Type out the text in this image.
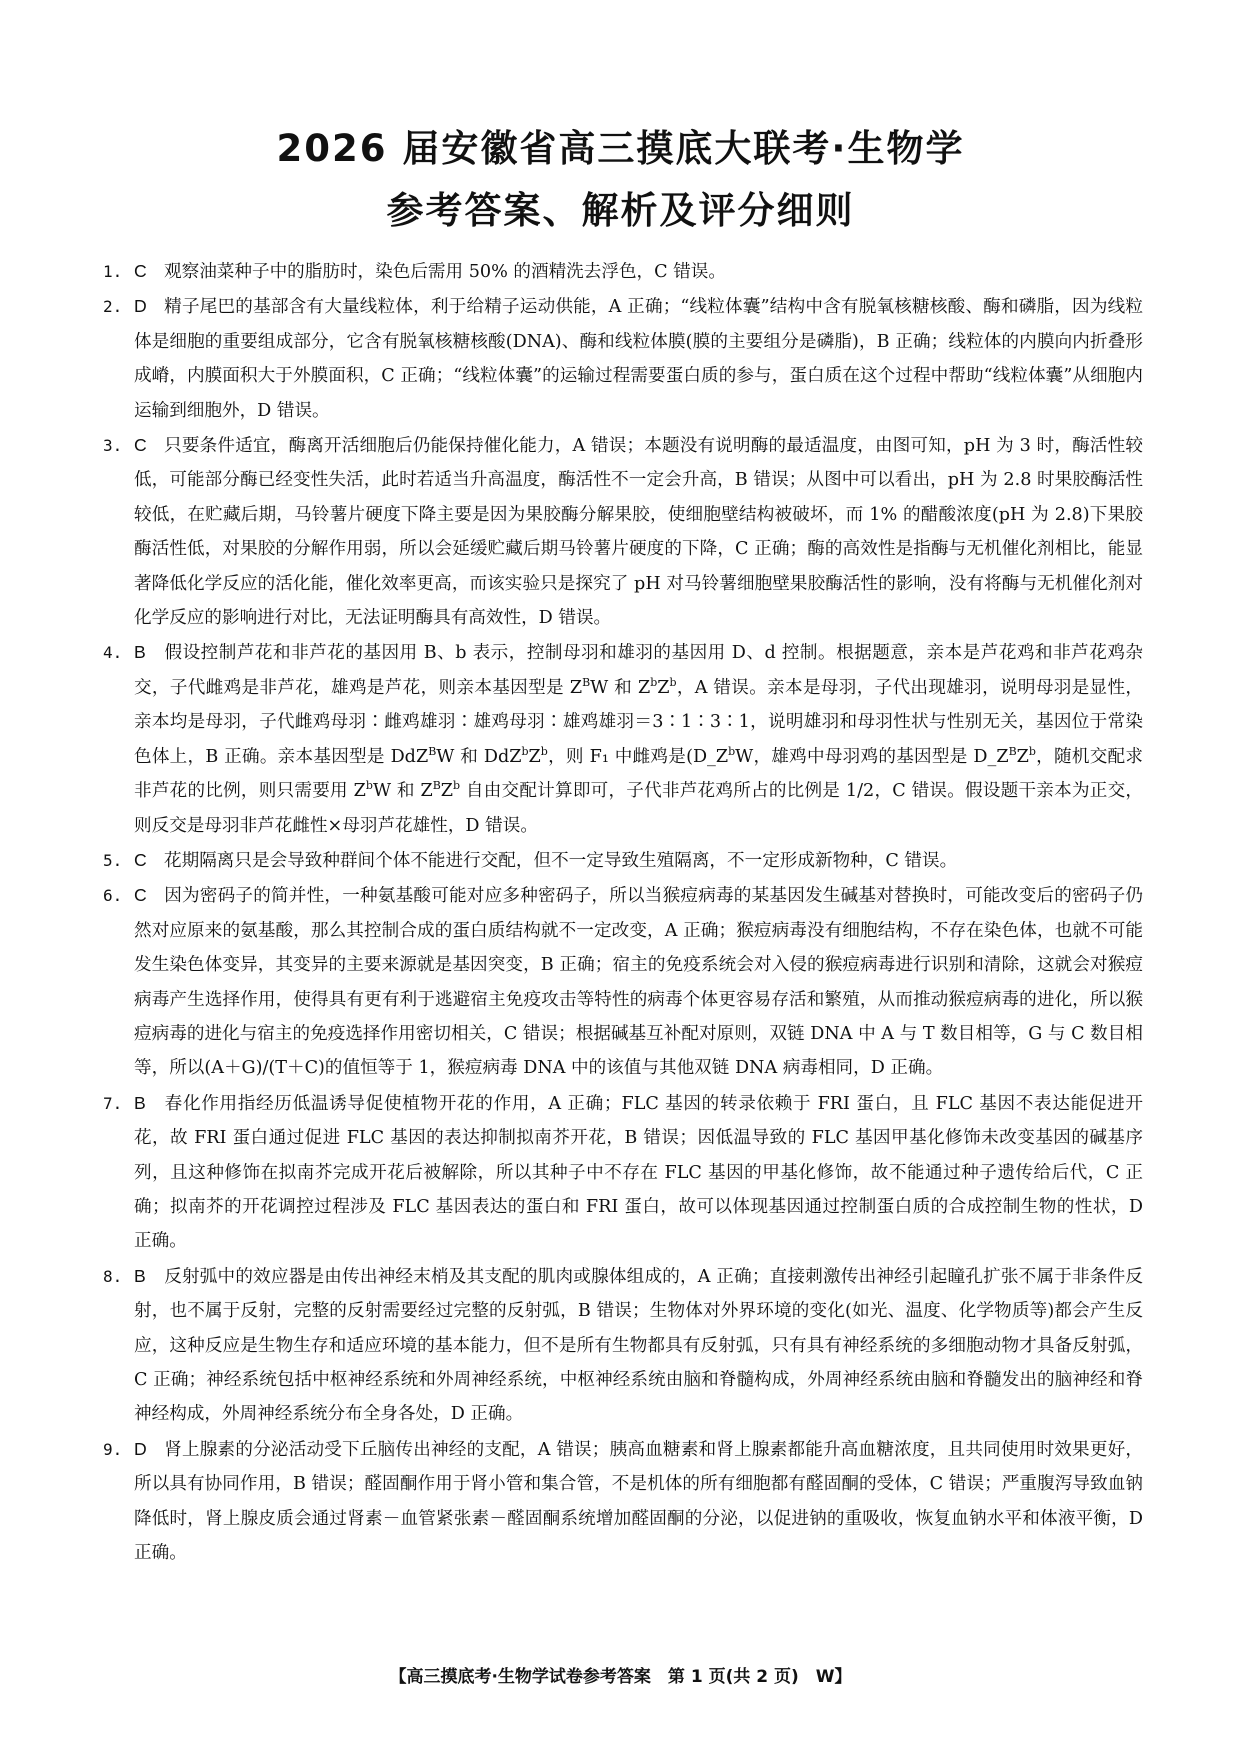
2026 届安徽省高三摸底大联考·生物学
参考答案、解析及评分细则
1. C 观察油菜种子中的脂肪时，染色后需用 50% 的酒精洗去浮色，C 错误。
2. D 精子尾巴的基部含有大量线粒体，利于给精子运动供能，A 正确；“线粒体囊”结构中含有脱氧核糖核酸、酶和磷脂，因为线粒体是细胞的重要组成部分，它含有脱氧核糖核酸(DNA)、酶和线粒体膜(膜的主要组分是磷脂)，B 正确；线粒体的内膜向内折叠形成嵴，内膜面积大于外膜面积，C 正确；“线粒体囊”的运输过程需要蛋白质的参与，蛋白质在这个过程中帮助“线粒体囊”从细胞内运输到细胞外，D 错误。
3. C 只要条件适宜，酶离开活细胞后仍能保持催化能力，A 错误；本题没有说明酶的最适温度，由图可知，pH 为 3 时，酶活性较低，可能部分酶已经变性失活，此时若适当升高温度，酶活性不一定会升高，B 错误；从图中可以看出，pH 为 2.8 时果胶酶活性较低，在贮藏后期，马铃薯片硬度下降主要是因为果胶酶分解果胶，使细胞壁结构被破坏，而 1% 的醋酸浓度(pH 为 2.8)下果胶酶活性低，对果胶的分解作用弱，所以会延缓贮藏后期马铃薯片硬度的下降，C 正确；酶的高效性是指酶与无机催化剂相比，能显著降低化学反应的活化能，催化效率更高，而该实验只是探究了 pH 对马铃薯细胞壁果胶酶活性的影响，没有将酶与无机催化剂对化学反应的影响进行对比，无法证明酶具有高效性，D 错误。
4. B 假设控制芦花和非芦花的基因用 B、b 表示，控制母羽和雄羽的基因用 D、d 控制。根据题意，亲本是芦花鸡和非芦花鸡杂交，子代雌鸡是非芦花，雄鸡是芦花，则亲本基因型是 $Z^BW$ 和 $Z^bZ^b$，A 错误。亲本是母羽，子代出现雄羽，说明母羽是显性，亲本均是母羽，子代雌鸡母羽∶雌鸡雄羽∶雄鸡母羽∶雄鸡雄羽＝3∶1∶3∶1，说明雄羽和母羽性状与性别无关，基因位于常染色体上，B 正确。亲本基因型是 DdZ$^B$W 和 $DdZ^bZ^b$，则 F₁ 中雌鸡是($D\_Z^bW$，雄鸡中母羽鸡的基因型是 $D\_Z^BZ^b$，随机交配求非芦花的比例，则只需要用 $Z^bW$ 和 $Z^BZ^b$ 自由交配计算即可，子代非芦花鸡所占的比例是 1/2，C 错误。假设题干亲本为正交，则反交是母羽非芦花雌性×母羽芦花雄性，D 错误。
5. C 花期隔离只是会导致种群间个体不能进行交配，但不一定导致生殖隔离，不一定形成新物种，C 错误。
6. C 因为密码子的简并性，一种氨基酸可能对应多种密码子，所以当猴痘病毒的某基因发生碱基对替换时，可能改变后的密码子仍然对应原来的氨基酸，那么其控制合成的蛋白质结构就不一定改变，A 正确；猴痘病毒没有细胞结构，不存在染色体，也就不可能发生染色体变异，其变异的主要来源就是基因突变，B 正确；宿主的免疫系统会对入侵的猴痘病毒进行识别和清除，这就会对猴痘病毒产生选择作用，使得具有更有利于逃避宿主免疫攻击等特性的病毒个体更容易存活和繁殖，从而推动猴痘病毒的进化，所以猴痘病毒的进化与宿主的免疫选择作用密切相关，C 错误；根据碱基互补配对原则，双链 DNA 中 A 与 T 数目相等，G 与 C 数目相等，所以(A＋G)/(T＋C)的值恒等于 1，猴痘病毒 DNA 中的该值与其他双链 DNA 病毒相同，D 正确。
7. B 春化作用指经历低温诱导促使植物开花的作用，A 正确；FLC 基因的转录依赖于 FRI 蛋白，且 FLC 基因不表达能促进开花，故 FRI 蛋白通过促进 FLC 基因的表达抑制拟南芥开花，B 错误；因低温导致的 FLC 基因甲基化修饰未改变基因的碱基序列，且这种修饰在拟南芥完成开花后被解除，所以其种子中不存在 FLC 基因的甲基化修饰，故不能通过种子遗传给后代，C 正确；拟南芥的开花调控过程涉及 FLC 基因表达的蛋白和 FRI 蛋白，故可以体现基因通过控制蛋白质的合成控制生物的性状，D 正确。
8. B 反射弧中的效应器是由传出神经末梢及其支配的肌肉或腺体组成的，A 正确；直接刺激传出神经引起瞳孔扩张不属于非条件反射，也不属于反射，完整的反射需要经过完整的反射弧，B 错误；生物体对外界环境的变化(如光、温度、化学物质等)都会产生反应，这种反应是生物生存和适应环境的基本能力，但不是所有生物都具有反射弧，只有具有神经系统的多细胞动物才具备反射弧，C 正确；神经系统包括中枢神经系统和外周神经系统，中枢神经系统由脑和脊髓构成，外周神经系统由脑和脊髓发出的脑神经和脊神经构成，外周神经系统分布全身各处，D 正确。
9. D 肾上腺素的分泌活动受下丘脑传出神经的支配，A 错误；胰高血糖素和肾上腺素都能升高血糖浓度，且共同使用时效果更好，所以具有协同作用，B 错误；醛固酮作用于肾小管和集合管，不是机体的所有细胞都有醛固酮的受体，C 错误；严重腹泻导致血钠降低时，肾上腺皮质会通过肾素－血管紧张素－醛固酮系统增加醛固酮的分泌，以促进钠的重吸收，恢复血钠水平和体液平衡，D 正确。
【高三摸底考·生物学试卷参考答案　第 1 页(共 2 页)　W】
